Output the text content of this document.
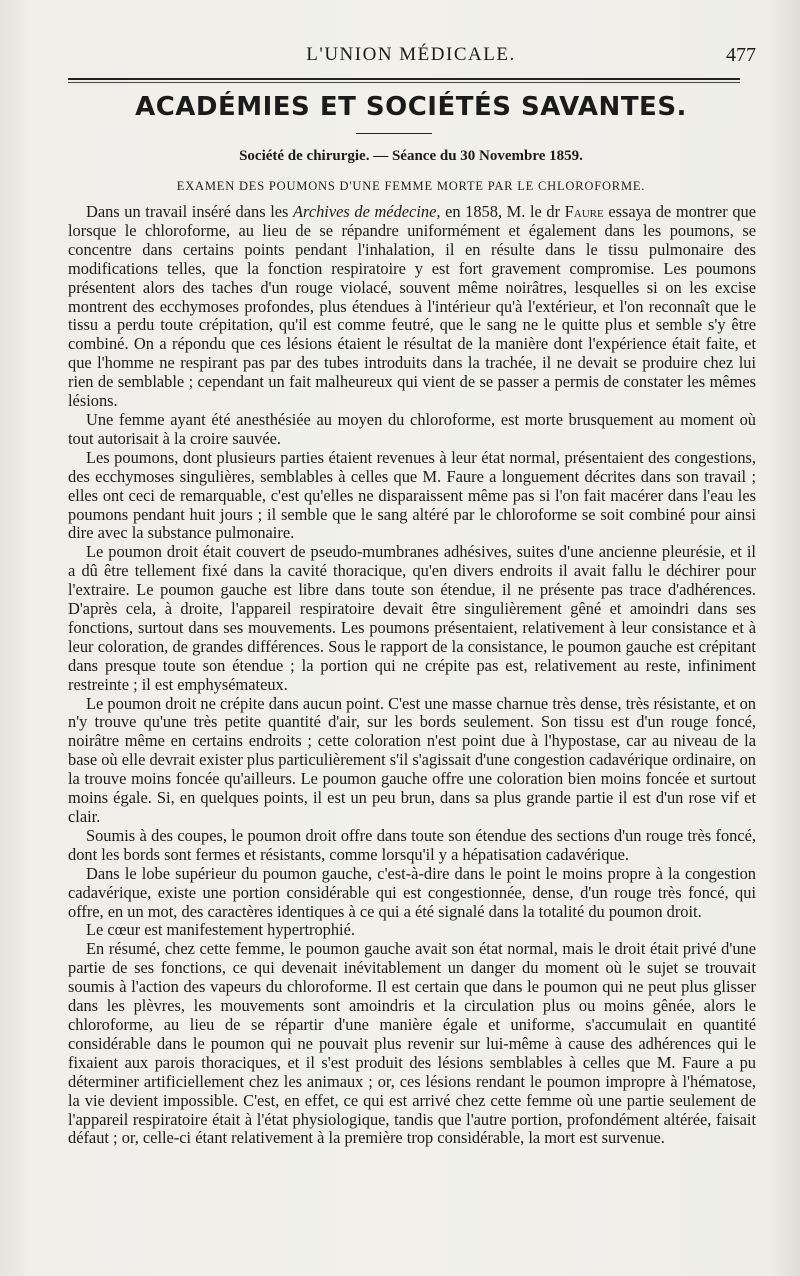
L'UNION MÉDICALE.	477
ACADÉMIES ET SOCIÉTÉS SAVANTES.
Société de chirurgie. — Séance du 30 Novembre 1859.
EXAMEN DES POUMONS D'UNE FEMME MORTE PAR LE CHLOROFORME.

Dans un travail inséré dans les Archives de médecine, en 1858, M. le dr Faure essaya de montrer que lorsque le chloroforme, au lieu de se répandre uniformément et également dans les poumons, se concentre dans certains points pendant l'inhalation, il en résulte dans le tissu pulmonaire des modifications telles, que la fonction respiratoire y est fort gravement compromise. Les poumons présentent alors des taches d'un rouge violacé, souvent même noirâtres, lesquelles si on les excise montrent des ecchymoses profondes, plus étendues à l'intérieur qu'à l'extérieur, et l'on reconnaît que le tissu a perdu toute crépitation, qu'il est comme feutré, que le sang ne le quitte plus et semble s'y être combiné. On a répondu que ces lésions étaient le résultat de la manière dont l'expérience était faite, et que l'homme ne respirant pas par des tubes introduits dans la trachée, il ne devait se produire chez lui rien de semblable ; cependant un fait malheureux qui vient de se passer a permis de constater les mêmes lésions.

Une femme ayant été anesthésiée au moyen du chloroforme, est morte brusquement au moment où tout autorisait à la croire sauvée.

Les poumons, dont plusieurs parties étaient revenues à leur état normal, présentaient des congestions, des ecchymoses singulières, semblables à celles que M. Faure a longuement décrites dans son travail ; elles ont ceci de remarquable, c'est qu'elles ne disparaissent même pas si l'on fait macérer dans l'eau les poumons pendant huit jours ; il semble que le sang altéré par le chloroforme se soit combiné pour ainsi dire avec la substance pulmonaire.

Le poumon droit était couvert de pseudo-mumbranes adhésives, suites d'une ancienne pleurésie, et il a dû être tellement fixé dans la cavité thoracique, qu'en divers endroits il avait fallu le déchirer pour l'extraire. Le poumon gauche est libre dans toute son étendue, il ne présente pas trace d'adhérences. D'après cela, à droite, l'appareil respiratoire devait être singulièrement gêné et amoindri dans ses fonctions, surtout dans ses mouvements. Les poumons présentaient, relativement à leur consistance et à leur coloration, de grandes différences. Sous le rapport de la consistance, le poumon gauche est crépitant dans presque toute son étendue ; la portion qui ne crépite pas est, relativement au reste, infiniment restreinte ; il est emphysémateux.

Le poumon droit ne crépite dans aucun point. C'est une masse charnue très dense, très résistante, et on n'y trouve qu'une très petite quantité d'air, sur les bords seulement. Son tissu est d'un rouge foncé, noirâtre même en certains endroits ; cette coloration n'est point due à l'hypostase, car au niveau de la base où elle devrait exister plus particulièrement s'il s'agissait d'une congestion cadavérique ordinaire, on la trouve moins foncée qu'ailleurs. Le poumon gauche offre une coloration bien moins foncée et surtout moins égale. Si, en quelques points, il est un peu brun, dans sa plus grande partie il est d'un rose vif et clair.

Soumis à des coupes, le poumon droit offre dans toute son étendue des sections d'un rouge très foncé, dont les bords sont fermes et résistants, comme lorsqu'il y a hépatisation cadavérique.

Dans le lobe supérieur du poumon gauche, c'est-à-dire dans le point le moins propre à la congestion cadavérique, existe une portion considérable qui est congestionnée, dense, d'un rouge très foncé, qui offre, en un mot, des caractères identiques à ce qui a été signalé dans la totalité du poumon droit.

Le cœur est manifestement hypertrophié.

En résumé, chez cette femme, le poumon gauche avait son état normal, mais le droit était privé d'une partie de ses fonctions, ce qui devenait inévitablement un danger du moment où le sujet se trouvait soumis à l'action des vapeurs du chloroforme. Il est certain que dans le poumon qui ne peut plus glisser dans les plèvres, les mouvements sont amoindris et la circulation plus ou moins gênée, alors le chloroforme, au lieu de se répartir d'une manière égale et uniforme, s'accumulait en quantité considérable dans le poumon qui ne pouvait plus revenir sur lui-même à cause des adhérences qui le fixaient aux parois thoraciques, et il s'est produit des lésions semblables à celles que M. Faure a pu déterminer artificiellement chez les animaux ; or, ces lésions rendant le poumon impropre à l'hématose, la vie devient impossible. C'est, en effet, ce qui est arrivé chez cette femme où une partie seulement de l'appareil respiratoire était à l'état physiologique, tandis que l'autre portion, profondément altérée, faisait défaut ; or, celle-ci étant relativement à la première trop considérable, la mort est survenue.
